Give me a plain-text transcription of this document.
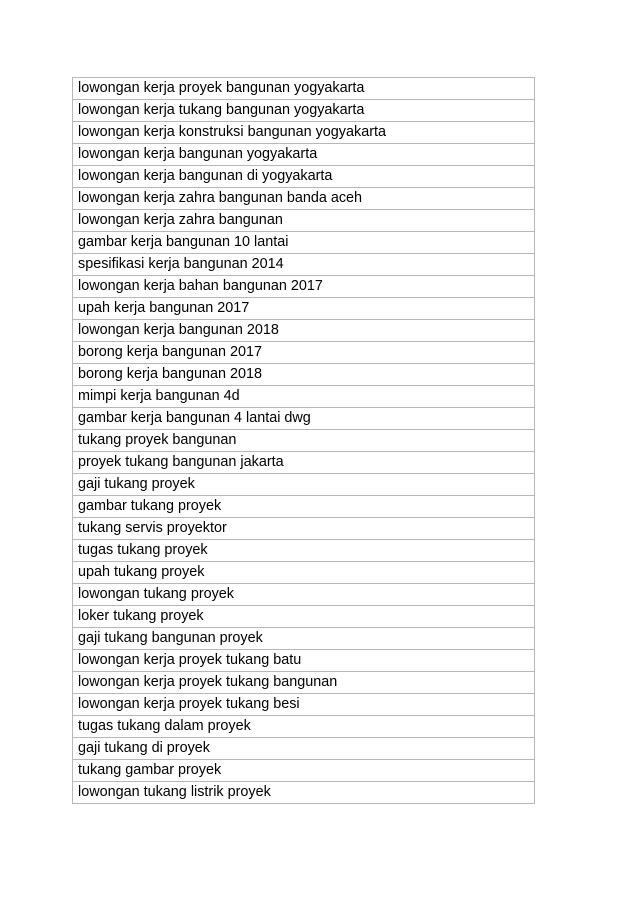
lowongan kerja proyek bangunan yogyakarta
lowongan kerja tukang bangunan yogyakarta
lowongan kerja konstruksi bangunan yogyakarta
lowongan kerja bangunan yogyakarta
lowongan kerja bangunan di yogyakarta
lowongan kerja zahra bangunan banda aceh
lowongan kerja zahra bangunan
gambar kerja bangunan 10 lantai
spesifikasi kerja bangunan 2014
lowongan kerja bahan bangunan 2017
upah kerja bangunan 2017
lowongan kerja bangunan 2018
borong kerja bangunan 2017
borong kerja bangunan 2018
mimpi kerja bangunan 4d
gambar kerja bangunan 4 lantai dwg
tukang proyek bangunan
proyek tukang bangunan jakarta
gaji tukang proyek
gambar tukang proyek
tukang servis proyektor
tugas tukang proyek
upah tukang proyek
lowongan tukang proyek
loker tukang proyek
gaji tukang bangunan proyek
lowongan kerja proyek tukang batu
lowongan kerja proyek tukang bangunan
lowongan kerja proyek tukang besi
tugas tukang dalam proyek
gaji tukang di proyek
tukang gambar proyek
lowongan tukang listrik proyek
